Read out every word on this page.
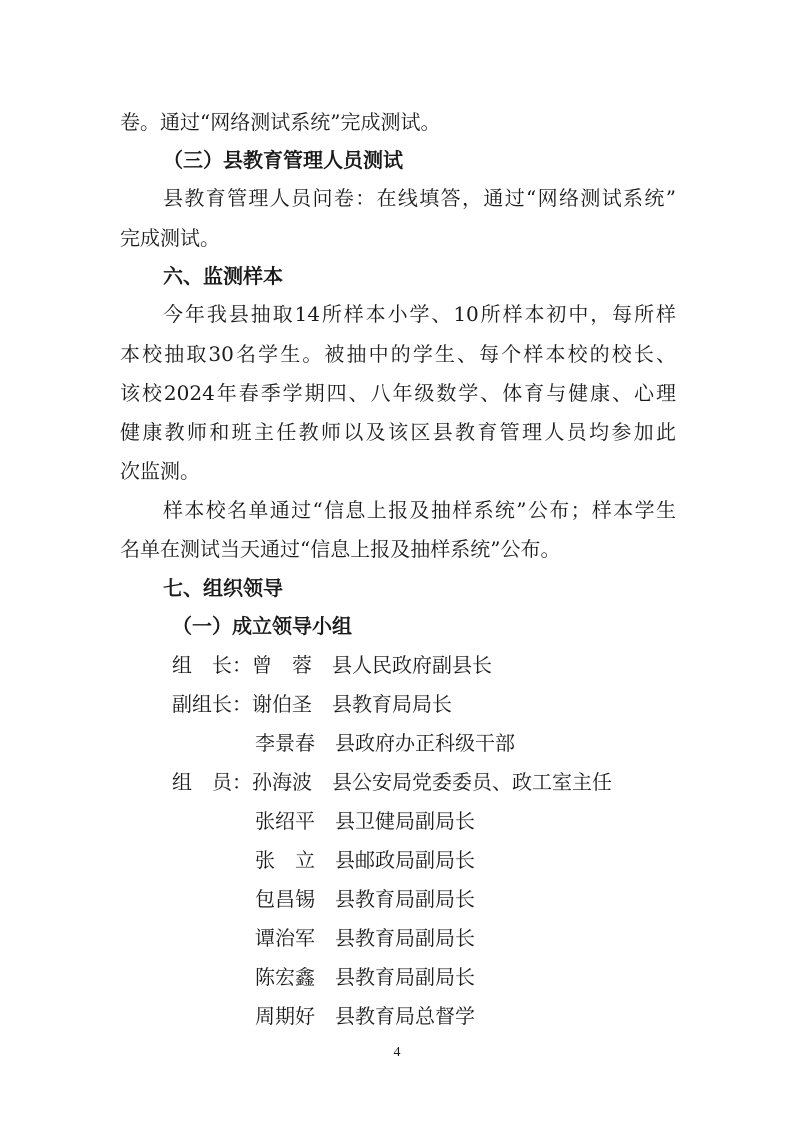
卷。通过“网络测试系统”完成测试。
（三）县教育管理人员测试
县教育管理人员问卷：在线填答，通过“网络测试系统”
完成测试。
六、监测样本
今年我县抽取14所样本小学、10所样本初中，每所样
本校抽取30名学生。被抽中的学生、每个样本校的校长、
该校2024年春季学期四、八年级数学、体育与健康、心理
健康教师和班主任教师以及该区县教育管理人员均参加此
次监测。
样本校名单通过“信息上报及抽样系统”公布；样本学生
名单在测试当天通过“信息上报及抽样系统”公布。
七、组织领导
（一）成立领导小组
组　长：曾　蓉　县人民政府副县长
副组长：谢伯圣　县教育局局长
李景春　县政府办正科级干部
组　员：孙海波　县公安局党委委员、政工室主任
张绍平　县卫健局副局长
张　立　县邮政局副局长
包昌锡　县教育局副局长
谭治军　县教育局副局长
陈宏鑫　县教育局副局长
周期好　县教育局总督学
4
